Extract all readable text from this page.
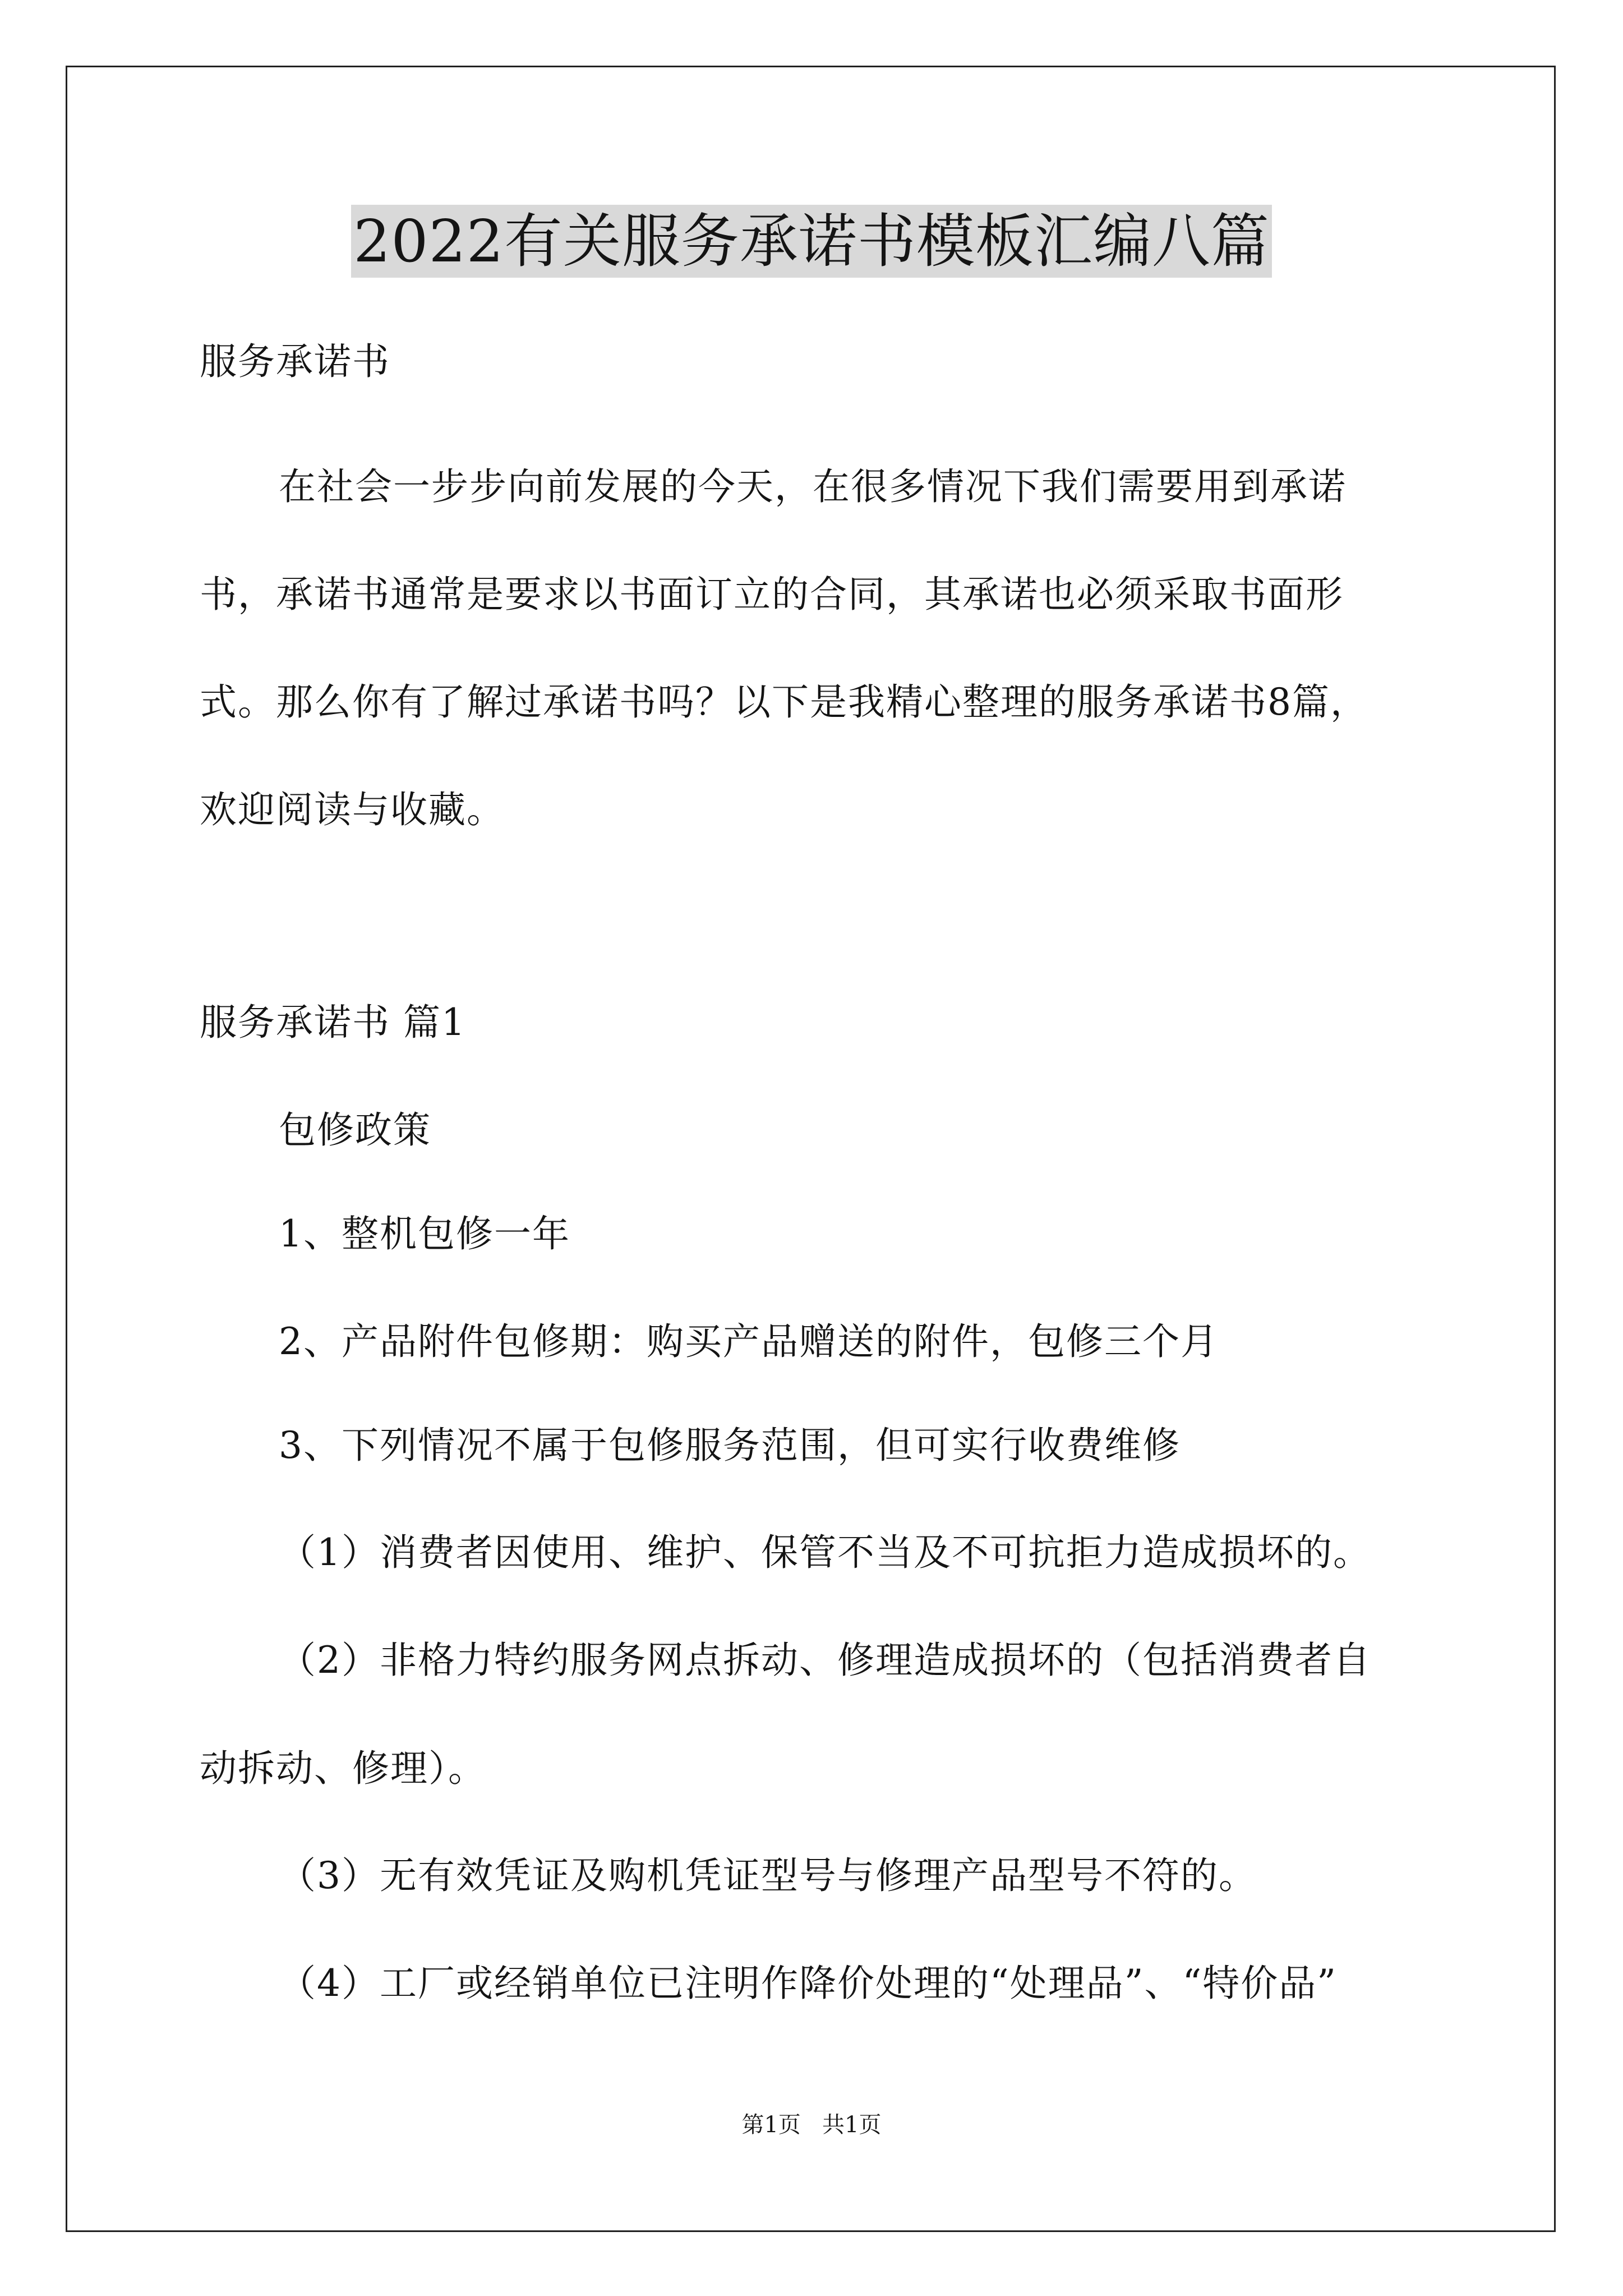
2022有关服务承诺书模板汇编八篇
服务承诺书
在社会一步步向前发展的今天，在很多情况下我们需要用到承诺
书，承诺书通常是要求以书面订立的合同，其承诺也必须采取书面形
式。那么你有了解过承诺书吗？以下是我精心整理的服务承诺书8篇，
欢迎阅读与收藏。
服务承诺书 篇1
包修政策
1、整机包修一年
2、产品附件包修期：购买产品赠送的附件，包修三个月
3、下列情况不属于包修服务范围，但可实行收费维修
（1）消费者因使用、维护、保管不当及不可抗拒力造成损坏的。
（2）非格力特约服务网点拆动、修理造成损坏的（包括消费者自
动拆动、修理）。
（3）无有效凭证及购机凭证型号与修理产品型号不符的。
（4）工厂或经销单位已注明作降价处理的“处理品”、“特价品”
第1页   共1页
